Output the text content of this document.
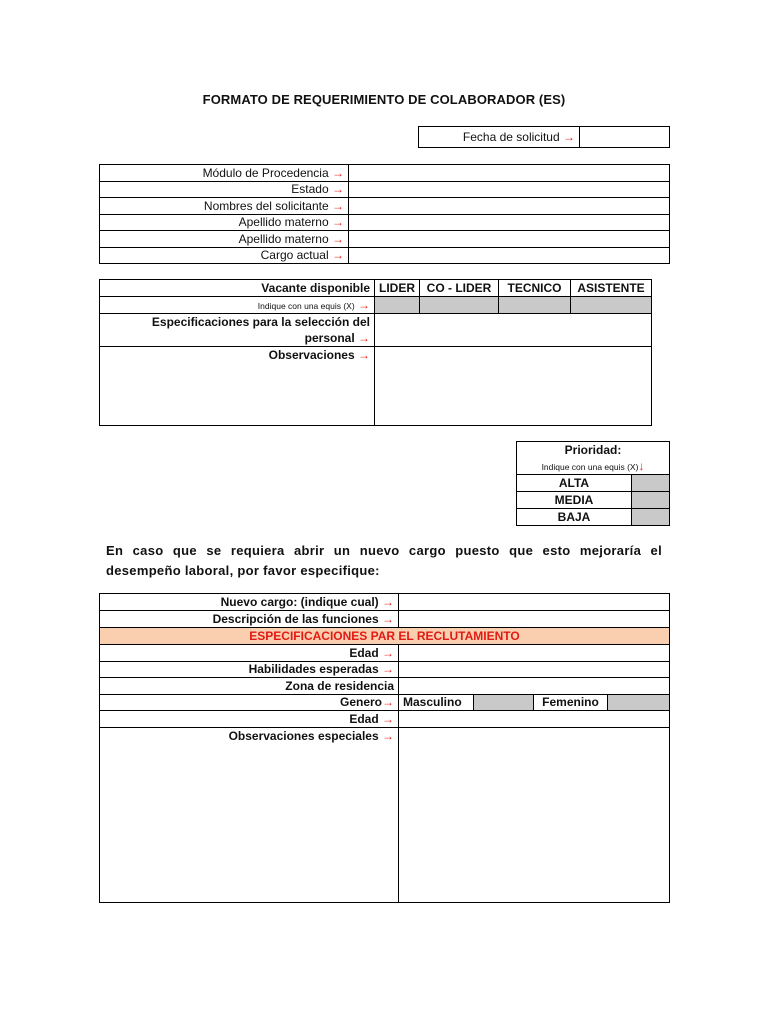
FORMATO DE REQUERIMIENTO DE COLABORADOR (ES)
Fecha de solicitud →	
Módulo de Procedencia →	
Estado →	
Nombres del solicitante →	
Apellido materno →	
Apellido materno →	
Cargo actual →	
Vacante disponible	LIDER	CO - LIDER	TECNICO	ASISTENTE
Indique con una equis (X) →				
Especificaciones para la selección del personal →				
Observaciones →				
Prioridad:	
Indique con una equis (X)↓	
ALTA	
MEDIA	
BAJA	
En caso que se requiera abrir un nuevo cargo puesto que esto mejoraría el desempeño laboral, por favor especifique:
Nuevo cargo: (indique cual) →				
Descripción de las funciones →				
ESPECIFICACIONES PAR EL RECLUTAMIENTO				
Edad →				
Habilidades esperadas →				
Zona de residencia				
Genero→	Masculino		Femenino	
Edad →				
Observaciones especiales →				
